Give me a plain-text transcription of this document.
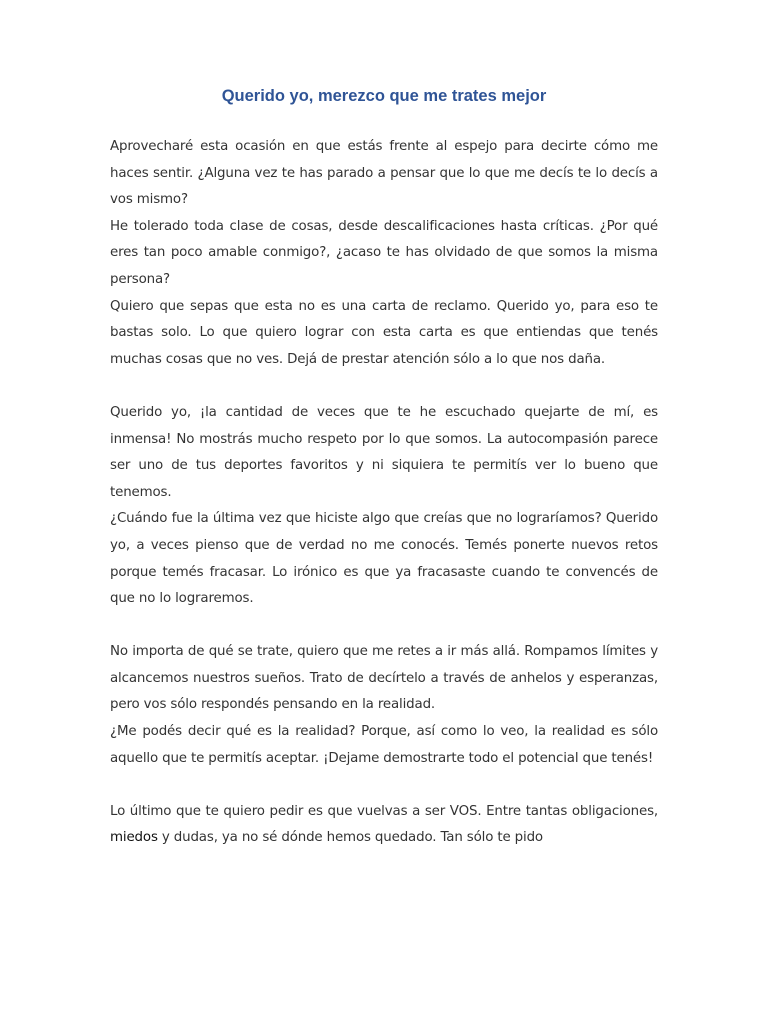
Querido yo, merezco que me trates mejor

Aprovecharé esta ocasión en que estás frente al espejo para decirte cómo me haces sentir. ¿Alguna vez te has parado a pensar que lo que me decís te lo decís a vos mismo?

He tolerado toda clase de cosas, desde descalificaciones hasta críticas. ¿Por qué eres tan poco amable conmigo?, ¿acaso te has olvidado de que somos la misma persona?

Quiero que sepas que esta no es una carta de reclamo. Querido yo, para eso te bastas solo. Lo que quiero lograr con esta carta es que entiendas que tenés muchas cosas que no ves. Dejá de prestar atención sólo a lo que nos daña.

Querido yo, ¡la cantidad de veces que te he escuchado quejarte de mí, es inmensa! No mostrás mucho respeto por lo que somos. La autocompasión parece ser uno de tus deportes favoritos y ni siquiera te permitís ver lo bueno que tenemos.

¿Cuándo fue la última vez que hiciste algo que creías que no lograríamos? Querido yo, a veces pienso que de verdad no me conocés. Temés ponerte nuevos retos porque temés fracasar. Lo irónico es que ya fracasaste cuando te convencés de que no lo lograremos.

No importa de qué se trate, quiero que me retes a ir más allá. Rompamos límites y alcancemos nuestros sueños. Trato de decírtelo a través de anhelos y esperanzas, pero vos sólo respondés pensando en la realidad.

¿Me podés decir qué es la realidad? Porque, así como lo veo, la realidad es sólo aquello que te permitís aceptar. ¡Dejame demostrarte todo el potencial que tenés!

Lo último que te quiero pedir es que vuelvas a ser VOS. Entre tantas obligaciones, miedos y dudas, ya no sé dónde hemos quedado. Tan sólo te pido
